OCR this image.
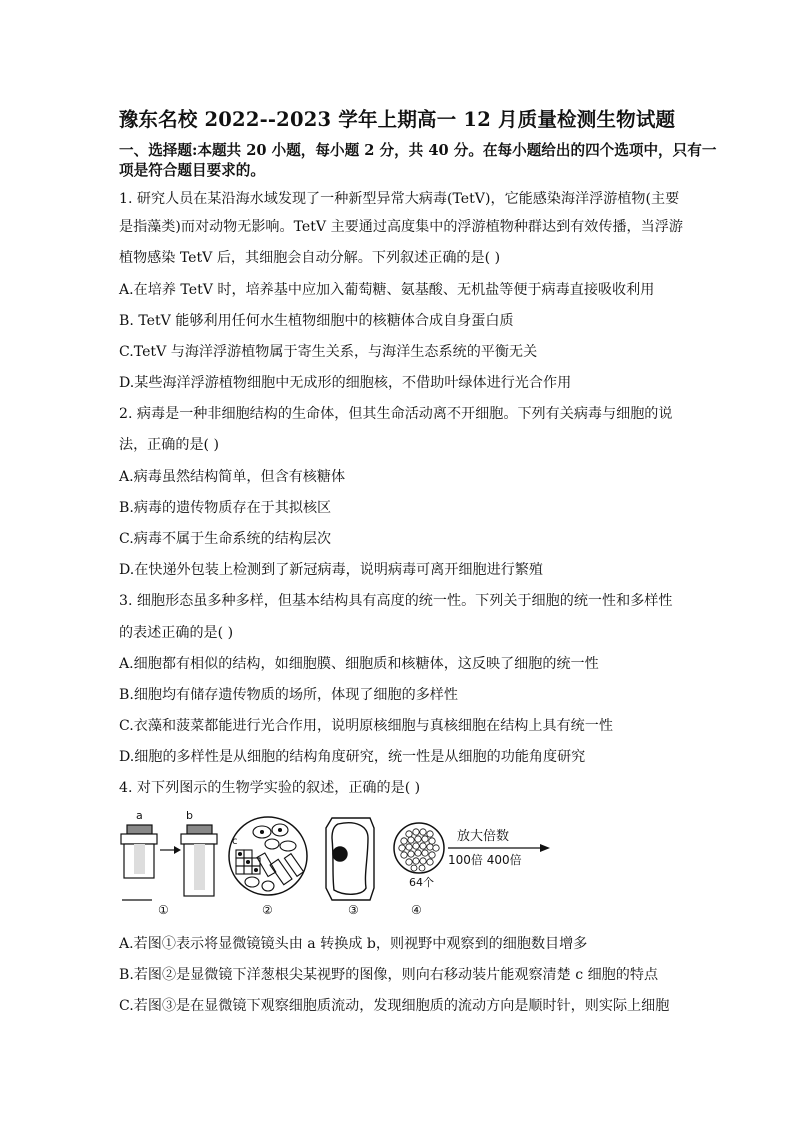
豫东名校 2022--2023 学年上期高一 12 月质量检测生物试题
一、选择题:本题共 20 小题，每小题 2 分，共 40 分。在每小题给出的四个选项中，只有一
项是符合题目要求的。
1. 研究人员在某沿海水域发现了一种新型异常大病毒(TetV)，它能感染海洋浮游植物(主要
是指藻类)而对动物无影响。TetV 主要通过高度集中的浮游植物种群达到有效传播，当浮游
植物感染 TetV 后，其细胞会自动分解。下列叙述正确的是( )
A.在培养 TetV 时，培养基中应加入葡萄糖、氨基酸、无机盐等便于病毒直接吸收利用
B. TetV 能够利用任何水生植物细胞中的核糖体合成自身蛋白质
C.TetV 与海洋浮游植物属于寄生关系，与海洋生态系统的平衡无关
D.某些海洋浮游植物细胞中无成形的细胞核，不借助叶绿体进行光合作用
2. 病毒是一种非细胞结构的生命体，但其生命活动离不开细胞。下列有关病毒与细胞的说
法，正确的是( )
A.病毒虽然结构简单，但含有核糖体
B.病毒的遗传物质存在于其拟核区
C.病毒不属于生命系统的结构层次
D.在快递外包装上检测到了新冠病毒，说明病毒可离开细胞进行繁殖
3. 细胞形态虽多种多样，但基本结构具有高度的统一性。下列关于细胞的统一性和多样性
的表述正确的是( )
A.细胞都有相似的结构，如细胞膜、细胞质和核糖体，这反映了细胞的统一性
B.细胞均有储存遗传物质的场所，体现了细胞的多样性
C.衣藻和菠菜都能进行光合作用，说明原核细胞与真核细胞在结构上具有统一性
D.细胞的多样性是从细胞的结构角度研究，统一性是从细胞的功能角度研究
4. 对下列图示的生物学实验的叙述，正确的是( )
a	b
①
c
②	③
64个
④
放大倍数
100倍 400倍
A.若图①表示将显微镜镜头由 a 转换成 b，则视野中观察到的细胞数目增多
B.若图②是显微镜下洋葱根尖某视野的图像，则向右移动装片能观察清楚 c 细胞的特点
C.若图③是在显微镜下观察细胞质流动，发现细胞质的流动方向是顺时针，则实际上细胞
